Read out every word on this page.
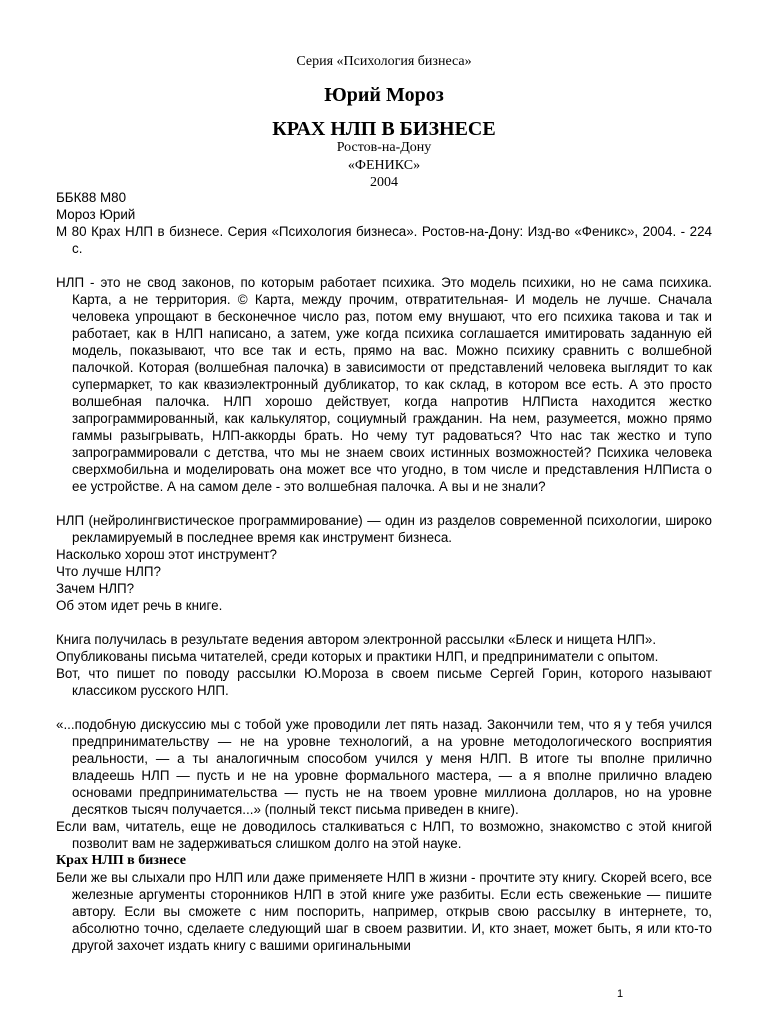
Серия «Психология бизнеса»
Юрий Мороз
КРАХ НЛП В БИЗНЕСЕ
Ростов-на-Дону
«ФЕНИКС»
2004

ББК88 М80

Мороз Юрий

М 80 Крах НЛП в бизнесе. Серия «Психология бизнеса». Ростов-на-Дону: Изд-во «Феникс», 2004. - 224 с.

НЛП - это не свод законов, по которым работает психика. Это модель психики, но не сама психика. Карта, а не территория. © Карта, между прочим, отвратительная- И модель не лучше. Сначала человека упрощают в бесконечное число раз, потом ему внушают, что его психика такова и так и работает, как в НЛП написано, а затем, уже когда психика соглашается имитировать заданную ей модель, показывают, что все так и есть, прямо на вас. Можно психику сравнить с волшебной палочкой. Которая (волшебная палочка) в зависимости от представлений человека выглядит то как супермаркет, то как квазиэлектронный дубликатор, то как склад, в котором все есть. А это просто волшебная палочка. НЛП хорошо действует, когда напротив НЛПиста находится жестко запрограммированный, как калькулятор, социумный гражданин. На нем, разумеется, можно прямо гаммы разыгрывать, НЛП-аккорды брать. Но чему тут радоваться? Что нас так жестко и тупо запрограммировали с детства, что мы не знаем своих истинных возможностей? Психика человека сверхмобильна и моделировать она может все что угодно, в том числе и представления НЛПиста о ее устройстве. А на самом деле - это волшебная палочка. А вы и не знали?

НЛП (нейролингвистическое программирование) — один из разделов современной психологии, широко рекламируемый в последнее время как инструмент бизнеса.

Насколько хорош этот инструмент?

Что лучше НЛП?

Зачем НЛП?

Об этом идет речь в книге.

Книга получилась в результате ведения автором электронной рассылки «Блеск и нищета НЛП».

Опубликованы письма читателей, среди которых и практики НЛП, и предприниматели с опытом.

Вот, что пишет по поводу рассылки Ю.Мороза в своем письме Сергей Горин, которого называют классиком русского НЛП.

«...подобную дискуссию мы с тобой уже проводили лет пять назад. Закончили тем, что я у тебя учился предпринимательству — не на уровне технологий, а на уровне методологического восприятия реальности, — а ты аналогичным способом учился у меня НЛП. В итоге ты вполне прилично владеешь НЛП — пусть и не на уровне формального мастера, — а я вполне прилично владею основами предпринимательства — пусть не на твоем уровне миллиона долларов, но на уровне десятков тысяч получается...» (полный текст письма приведен в книге).

Если вам, читатель, еще не доводилось сталкиваться с НЛП, то возможно, знакомство с этой книгой позволит вам не задерживаться слишком долго на этой науке.

Крах НЛП в бизнесе

Бели же вы слыхали про НЛП или даже применяете НЛП в жизни - прочтите эту книгу. Скорей всего, все железные аргументы сторонников НЛП в этой книге уже разбиты. Если есть свеженькие — пишите автору. Если вы сможете с ним поспорить, например, открыв свою рассылку в интернете, то, абсолютно точно, сделаете следующий шаг в своем развитии. И, кто знает, может быть, я или кто-то другой захочет издать книгу с вашими оригинальными

1
